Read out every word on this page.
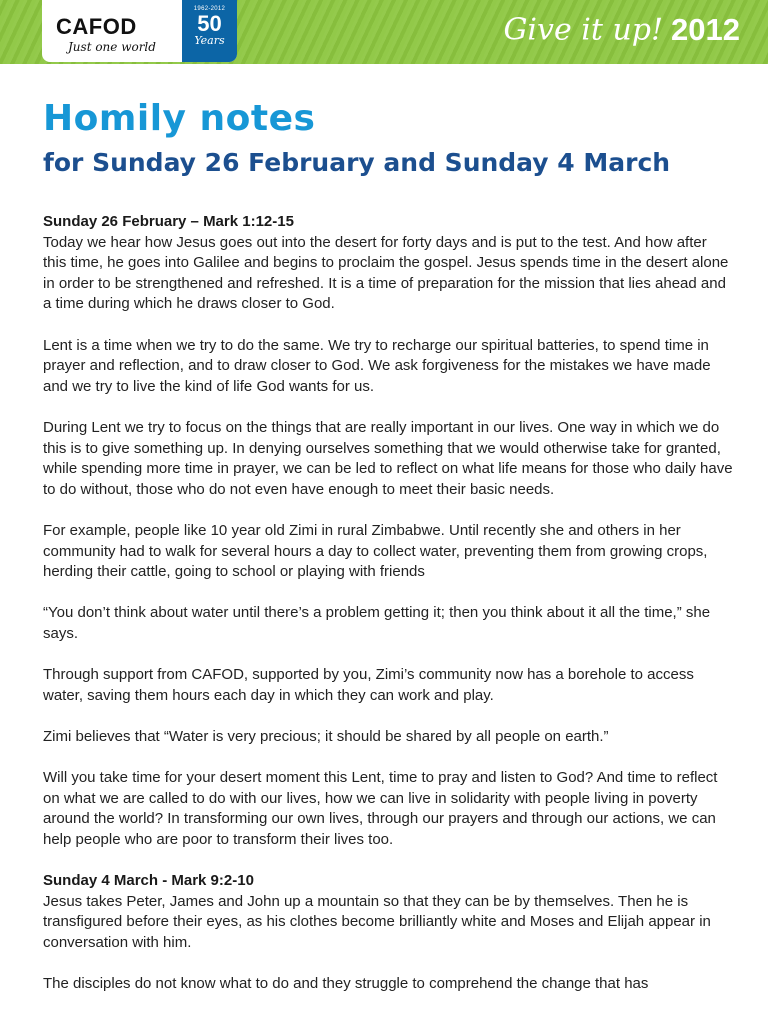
CAFOD
Just one world
1962-2012
50
Years	Give it up! 2012
Homily notes
for Sunday 26 February and Sunday 4 March
Sunday 26 February – Mark 1:12-15

Today we hear how Jesus goes out into the desert for forty days and is put to the test. And how after this time, he goes into Galilee and begins to proclaim the gospel. Jesus spends time in the desert alone in order to be strengthened and refreshed. It is a time of preparation for the mission that lies ahead and a time during which he draws closer to God.

Lent is a time when we try to do the same. We try to recharge our spiritual batteries, to spend time in prayer and reflection, and to draw closer to God. We ask forgiveness for the mistakes we have made and we try to live the kind of life God wants for us.

During Lent we try to focus on the things that are really important in our lives. One way in which we do this is to give something up. In denying ourselves something that we would otherwise take for granted, while spending more time in prayer, we can be led to reflect on what life means for those who daily have to do without, those who do not even have enough to meet their basic needs.

For example, people like 10 year old Zimi in rural Zimbabwe. Until recently she and others in her community had to walk for several hours a day to collect water, preventing them from growing crops, herding their cattle, going to school or playing with friends

“You don’t think about water until there’s a problem getting it; then you think about it all the time,” she says.

Through support from CAFOD, supported by you, Zimi’s community now has a borehole to access water, saving them hours each day in which they can work and play.

Zimi believes that “Water is very precious; it should be shared by all people on earth.”

Will you take time for your desert moment this Lent, time to pray and listen to God? And time to reflect on what we are called to do with our lives, how we can live in solidarity with people living in poverty around the world? In transforming our own lives, through our prayers and through our actions, we can help people who are poor to transform their lives too.

Sunday 4 March - Mark 9:2-10

Jesus takes Peter, James and John up a mountain so that they can be by themselves. Then he is transfigured before their eyes, as his clothes become brilliantly white and Moses and Elijah appear in conversation with him.

The disciples do not know what to do and they struggle to comprehend the change that has
